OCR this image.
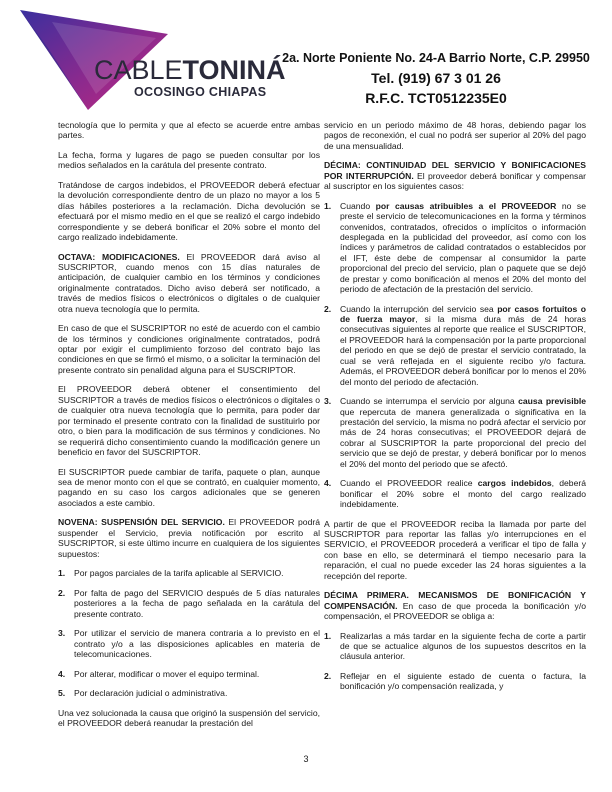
CABLETONINÁ
OCOSINGO CHIAPAS
2a. Norte Poniente No. 24-A Barrio Norte, C.P. 29950
Tel. (919) 67 3 01 26
R.F.C. TCT0512235E0

tecnología que lo permita y que al efecto se acuerde entre ambas partes.

La fecha, forma y lugares de pago se pueden consultar por los medios señalados en la carátula del presente contrato.

Tratándose de cargos indebidos, el PROVEEDOR deberá efectuar la devolución correspondiente dentro de un plazo no mayor a los 5 días hábiles posteriores a la reclamación. Dicha devolución se efectuará por el mismo medio en el que se realizó el cargo indebido correspondiente y se deberá bonificar el 20% sobre el monto del cargo realizado indebidamente.

OCTAVA: MODIFICACIONES. El PROVEEDOR dará aviso al SUSCRIPTOR, cuando menos con 15 días naturales de anticipación, de cualquier cambio en los términos y condiciones originalmente contratados. Dicho aviso deberá ser notificado, a través de medios físicos o electrónicos o digitales o de cualquier otra nueva tecnología que lo permita.

En caso de que el SUSCRIPTOR no esté de acuerdo con el cambio de los términos y condiciones originalmente contratados, podrá optar por exigir el cumplimiento forzoso del contrato bajo las condiciones en que se firmó el mismo, o a solicitar la terminación del presente contrato sin penalidad alguna para el SUSCRIPTOR.

El PROVEEDOR deberá obtener el consentimiento del SUSCRIPTOR a través de medios físicos o electrónicos o digitales o de cualquier otra nueva tecnología que lo permita, para poder dar por terminado el presente contrato con la finalidad de sustituirlo por otro, o bien para la modificación de sus términos y condiciones. No se requerirá dicho consentimiento cuando la modificación genere un beneficio en favor del SUSCRIPTOR.

El SUSCRIPTOR puede cambiar de tarifa, paquete o plan, aunque sea de menor monto con el que se contrató, en cualquier momento, pagando en su caso los cargos adicionales que se generen asociados a este cambio.

NOVENA: SUSPENSIÓN DEL SERVICIO. El PROVEEDOR podrá suspender el Servicio, previa notificación por escrito al SUSCRIPTOR, si este último incurre en cualquiera de los siguientes supuestos:

1. Por pagos parciales de la tarifa aplicable al SERVICIO.
2. Por falta de pago del SERVICIO después de 5 días naturales posteriores a la fecha de pago señalada en la carátula del presente contrato.
3. Por utilizar el servicio de manera contraria a lo previsto en el contrato y/o a las disposiciones aplicables en materia de telecomunicaciones.
4. Por alterar, modificar o mover el equipo terminal.
5. Por declaración judicial o administrativa.

Una vez solucionada la causa que originó la suspensión del servicio, el PROVEEDOR deberá reanudar la prestación del

servicio en un periodo máximo de 48 horas, debiendo pagar los pagos de reconexión, el cual no podrá ser superior al 20% del pago de una mensualidad.

DÉCIMA: CONTINUIDAD DEL SERVICIO Y BONIFICACIONES POR INTERRUPCIÓN. El proveedor deberá bonificar y compensar al suscriptor en los siguientes casos:

1. Cuando por causas atribuibles a el PROVEEDOR no se preste el servicio de telecomunicaciones en la forma y términos convenidos, contratados, ofrecidos o implícitos o información desplegada en la publicidad del proveedor, así como con los índices y parámetros de calidad contratados o establecidos por el IFT, éste debe de compensar al consumidor la parte proporcional del precio del servicio, plan o paquete que se dejó de prestar y como bonificación al menos el 20% del monto del periodo de afectación de la prestación del servicio.
2. Cuando la interrupción del servicio sea por casos fortuitos o de fuerza mayor, si la misma dura más de 24 horas consecutivas siguientes al reporte que realice el SUSCRIPTOR, el PROVEEDOR hará la compensación por la parte proporcional del periodo en que se dejó de prestar el servicio contratado, la cual se verá reflejada en el siguiente recibo y/o factura. Además, el PROVEEDOR deberá bonificar por lo menos el 20% del monto del periodo de afectación.
3. Cuando se interrumpa el servicio por alguna causa previsible que repercuta de manera generalizada o significativa en la prestación del servicio, la misma no podrá afectar el servicio por más de 24 horas consecutivas; el PROVEEDOR dejará de cobrar al SUSCRIPTOR la parte proporcional del precio del servicio que se dejó de prestar, y deberá bonificar por lo menos el 20% del monto del periodo que se afectó.
4. Cuando el PROVEEDOR realice cargos indebidos, deberá bonificar el 20% sobre el monto del cargo realizado indebidamente.

A partir de que el PROVEEDOR reciba la llamada por parte del SUSCRIPTOR para reportar las fallas y/o interrupciones en el SERVICIO, el PROVEEDOR procederá a verificar el tipo de falla y con base en ello, se determinará el tiempo necesario para la reparación, el cual no puede exceder las 24 horas siguientes a la recepción del reporte.

DÉCIMA PRIMERA. MECANISMOS DE BONIFICACIÓN Y COMPENSACIÓN. En caso de que proceda la bonificación y/o compensación, el PROVEEDOR se obliga a:

1. Realizarlas a más tardar en la siguiente fecha de corte a partir de que se actualice algunos de los supuestos descritos en la cláusula anterior.
2. Reflejar en el siguiente estado de cuenta o factura, la bonificación y/o compensación realizada, y
3
